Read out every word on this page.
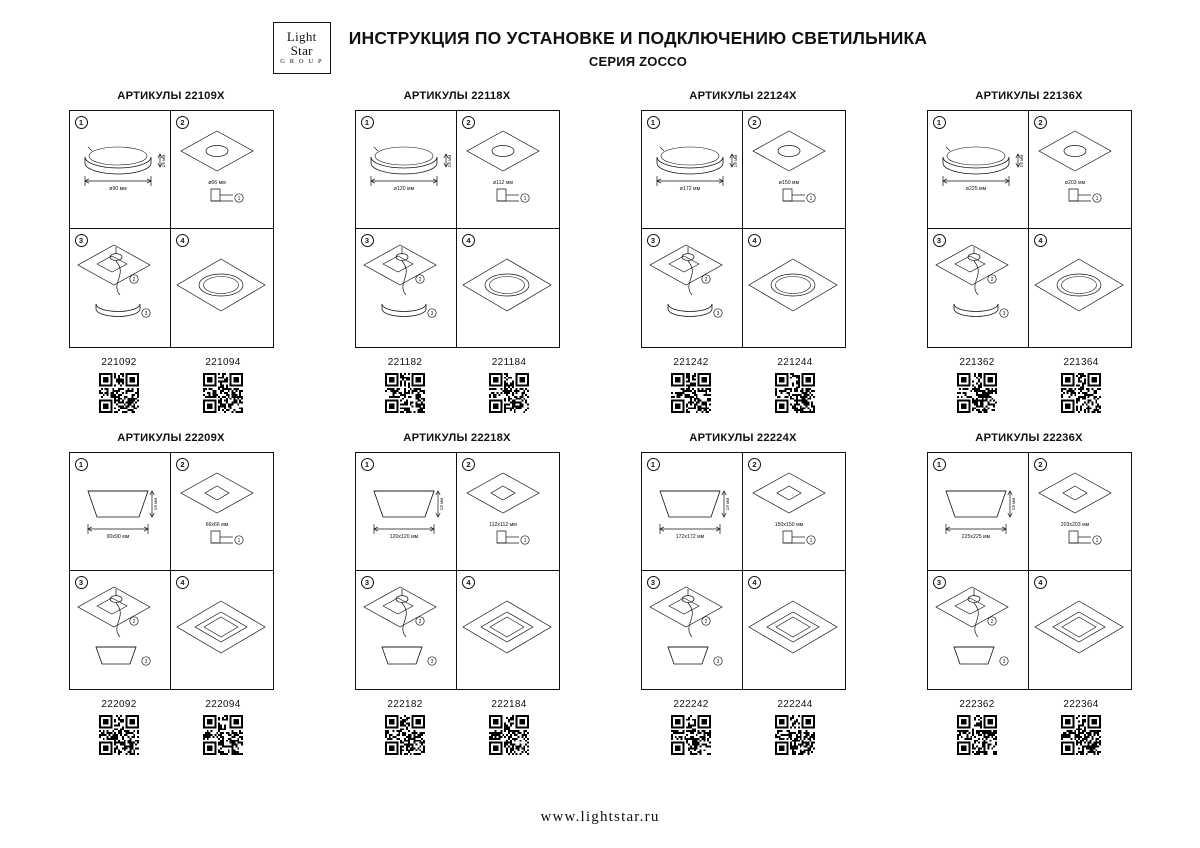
Light
Star
G R O U P
ИНСТРУКЦИЯ ПО УСТАНОВКЕ И ПОДКЛЮЧЕНИЮ СВЕТИЛЬНИКА
СЕРИЯ ZOCCO
АРТИКУЛЫ 22109X
1
ø90 мм
19 мм
2
ø66 мм
1
3
2
3
4
221092	221094
АРТИКУЛЫ 22118X
1
ø120 мм
19 мм
2
ø112 мм
1
3
2
3
4
221182	221184
АРТИКУЛЫ 22124X
1
ø172 мм
19 мм
2
ø150 мм
1
3
2
3
4
221242	221244
АРТИКУЛЫ 22136X
1
ø225 мм
19 мм
2
ø203 мм
1
3
2
3
4
221362	221364
АРТИКУЛЫ 22209X
1
90x90 мм
19 мм
2
66x66 мм
1
3
2
3
4
222092	222094
АРТИКУЛЫ 22218X
1
120x120 мм
19 мм
2
112x112 мм
1
3
2
3
4
222182	222184
АРТИКУЛЫ 22224X
1
172x172 мм
19 мм
2
150x150 мм
1
3
2
3
4
222242	222244
АРТИКУЛЫ 22236X
1
225x225 мм
19 мм
2
203x203 мм
1
3
2
3
4
222362	222364
www.lightstar.ru
